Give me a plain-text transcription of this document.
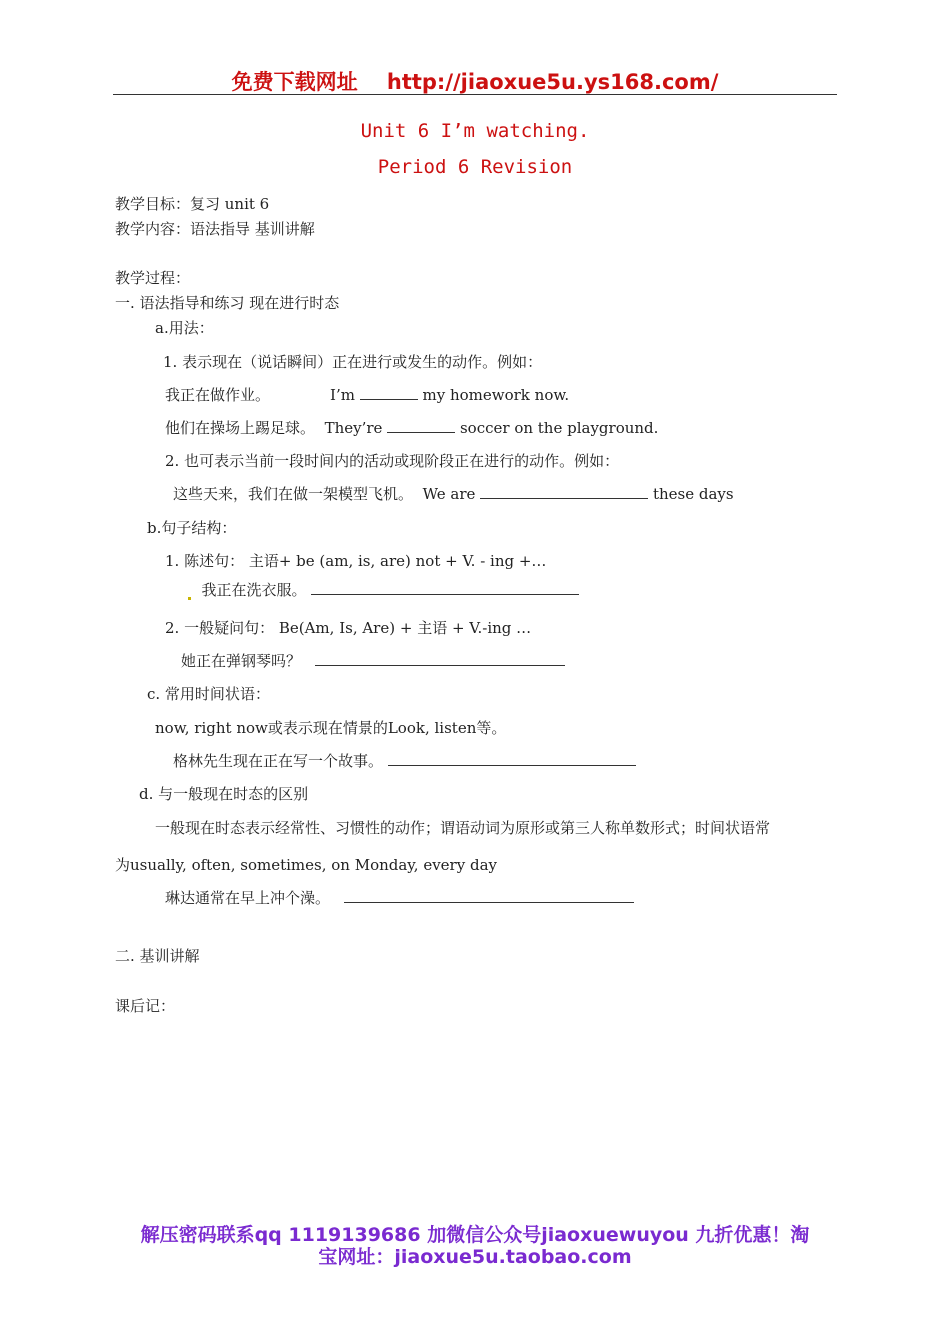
免费下载网址 http://jiaoxue5u.ys168.com/
Unit 6 I’m watching.
Period 6 Revision
教学目标：复习 unit 6
教学内容：语法指导 基训讲解
教学过程：
一. 语法指导和练习 现在进行时态
a.用法：
1. 表示现在（说话瞬间）正在进行或发生的动作。例如：
我正在做作业。	I’m	my homework now.
他们在操场上踢足球。 They’re	soccer on the playground.
2. 也可表示当前一段时间内的活动或现阶段正在进行的动作。例如：
这些天来，我们在做一架模型飞机。 We are	these days
b.句子结构：
1. 陈述句： 主语+ be (am, is, are) not + V. - ing +…
我正在洗衣服。
2. 一般疑问句： Be(Am, Is, Are) + 主语 + V.-ing …
她正在弹钢琴吗？
c. 常用时间状语：
now, right now或表示现在情景的Look, listen等。
格林先生现在正在写一个故事。
d. 与一般现在时态的区别
一般现在时态表示经常性、习惯性的动作；谓语动词为原形或第三人称单数形式；时间状语常
为usually, often, sometimes, on Monday, every day
琳达通常在早上冲个澡。
二. 基训讲解
课后记：
解压密码联系qq 1119139686 加微信公众号jiaoxuewuyou 九折优惠！淘
宝网址：jiaoxue5u.taobao.com
